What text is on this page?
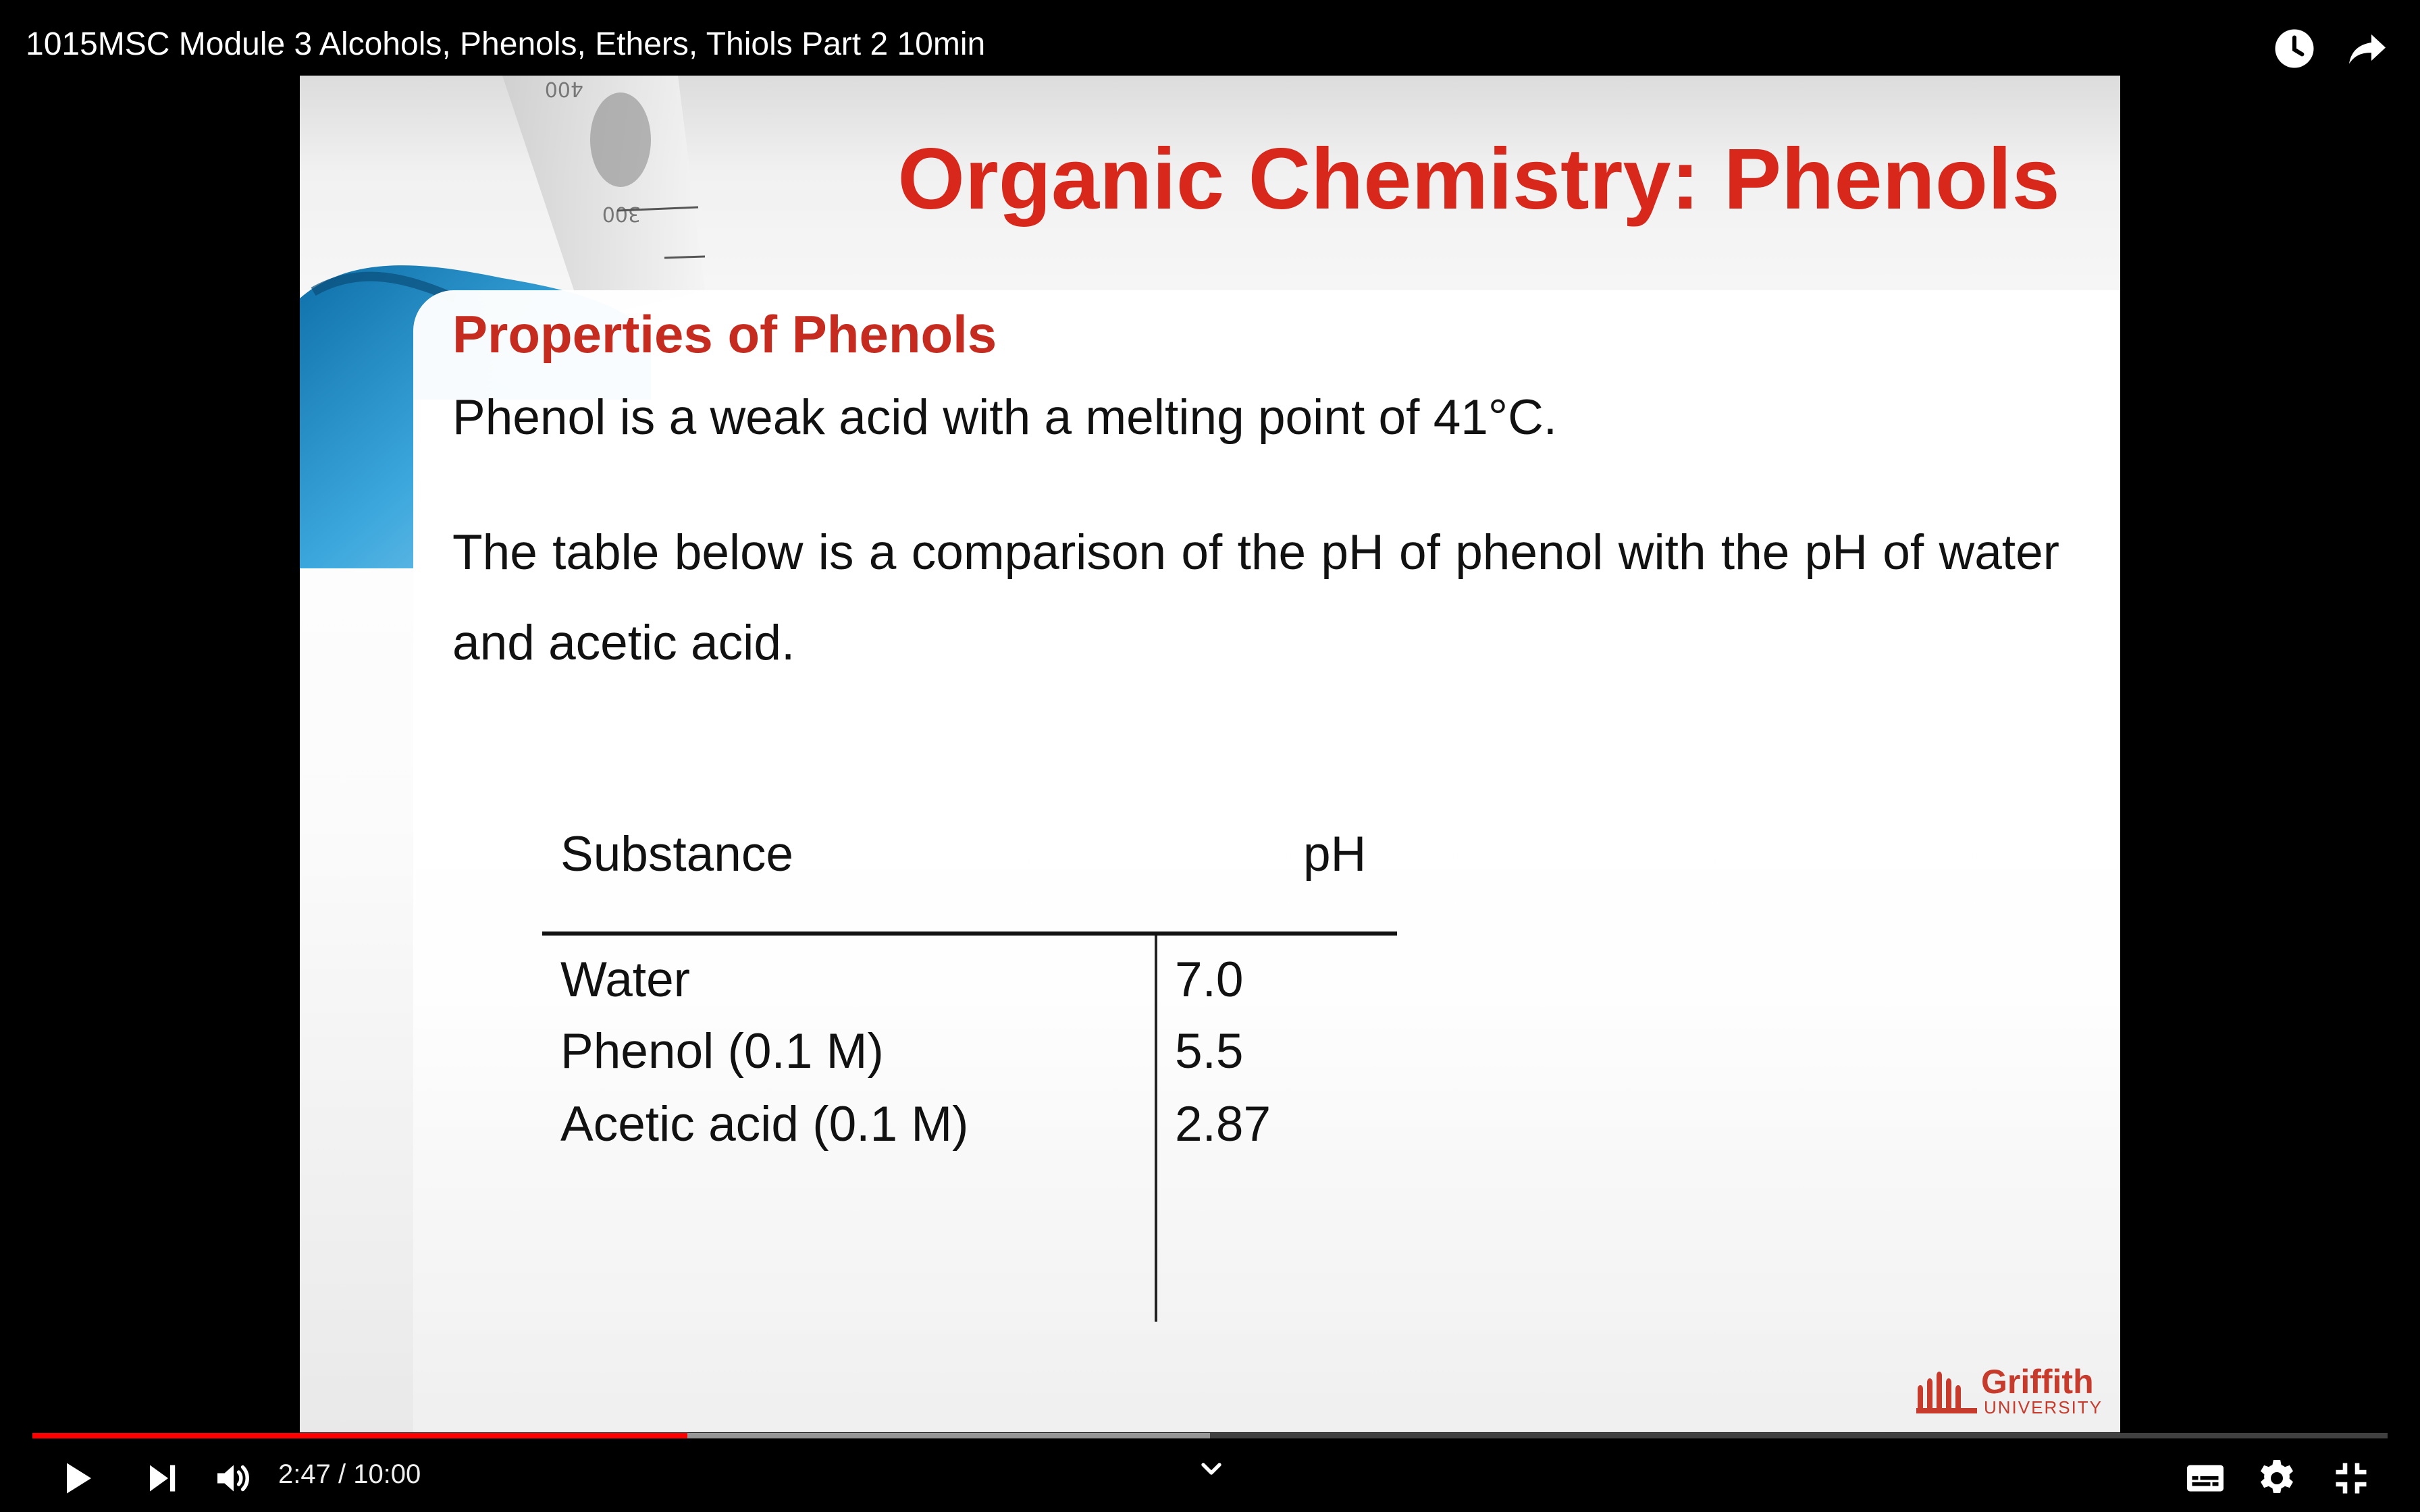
1015MSC Module 3 Alcohols, Phenols, Ethers, Thiols Part 2 10min
400
300	Organic Chemistry: Phenols
Properties of Phenols
Phenol is a weak acid with a melting point of 41°C.
The table below is a comparison of the pH of phenol with the pH of water and acetic acid.
Substance	pH
Water	7.0
Phenol (0.1 M)	5.5
Acetic acid (0.1 M)	2.87
Griffith
UNIVERSITY
2:47 / 10:00
